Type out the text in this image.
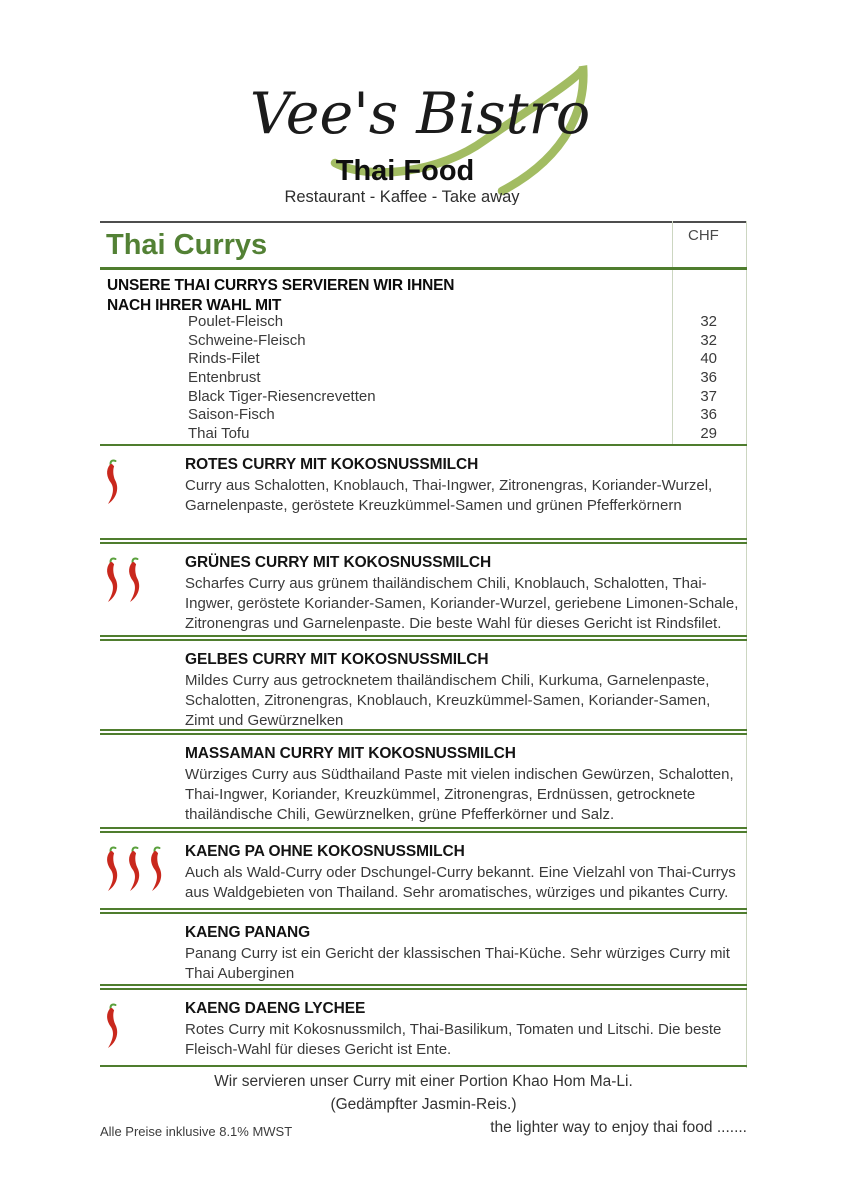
Vee's Bistro
Thai Food
Restaurant - Kaffee - Take away
CHF
Thai Currys
UNSERE THAI CURRYS SERVIEREN WIR IHNEN
NACH IHRER WAHL MIT
Poulet-Fleisch	32
Schweine-Fleisch	32
Rinds-Filet	40
Entenbrust	36
Black Tiger-Riesencrevetten	37
Saison-Fisch	36
Thai Tofu	29
ROTES CURRY MIT KOKOSNUSSMILCH

Curry aus Schalotten, Knoblauch, Thai-Ingwer, Zitronengras, Koriander-Wurzel, Garnelenpaste, geröstete Kreuzkümmel-Samen und grünen Pfefferkörnern

GRÜNES CURRY MIT KOKOSNUSSMILCH

Scharfes Curry aus grünem thailändischem Chili, Knoblauch, Schalotten, Thai-Ingwer, geröstete Koriander-Samen, Koriander-Wurzel, geriebene Limonen-Schale, Zitronengras und Garnelenpaste. Die beste Wahl für dieses Gericht ist Rindsfilet.

GELBES CURRY MIT KOKOSNUSSMILCH

Mildes Curry aus getrocknetem thailändischem Chili, Kurkuma, Garnelenpaste, Schalotten, Zitronengras, Knoblauch, Kreuzkümmel-Samen, Koriander-Samen, Zimt und Gewürznelken

MASSAMAN CURRY MIT KOKOSNUSSMILCH

Würziges Curry aus Südthailand Paste mit vielen indischen Gewürzen, Schalotten, Thai-Ingwer, Koriander, Kreuzkümmel, Zitronengras, Erdnüssen, getrocknete thailändische Chili, Gewürznelken, grüne Pfefferkörner und Salz.

KAENG PA OHNE KOKOSNUSSMILCH

Auch als Wald-Curry oder Dschungel-Curry bekannt. Eine Vielzahl von Thai-Currys aus Waldgebieten von Thailand. Sehr aromatisches, würziges und pikantes Curry.

KAENG PANANG

Panang Curry ist ein Gericht der klassischen Thai-Küche. Sehr würziges Curry mit Thai Auberginen

KAENG DAENG LYCHEE

Rotes Curry mit Kokosnussmilch, Thai-Basilikum, Tomaten und Litschi. Die beste Fleisch-Wahl für dieses Gericht ist Ente.

Wir servieren unser Curry mit einer Portion Khao Hom Ma-Li.
(Gedämpfter Jasmin-Reis.)
Alle Preise inklusive 8.1% MWST	the lighter way to enjoy thai food .......
